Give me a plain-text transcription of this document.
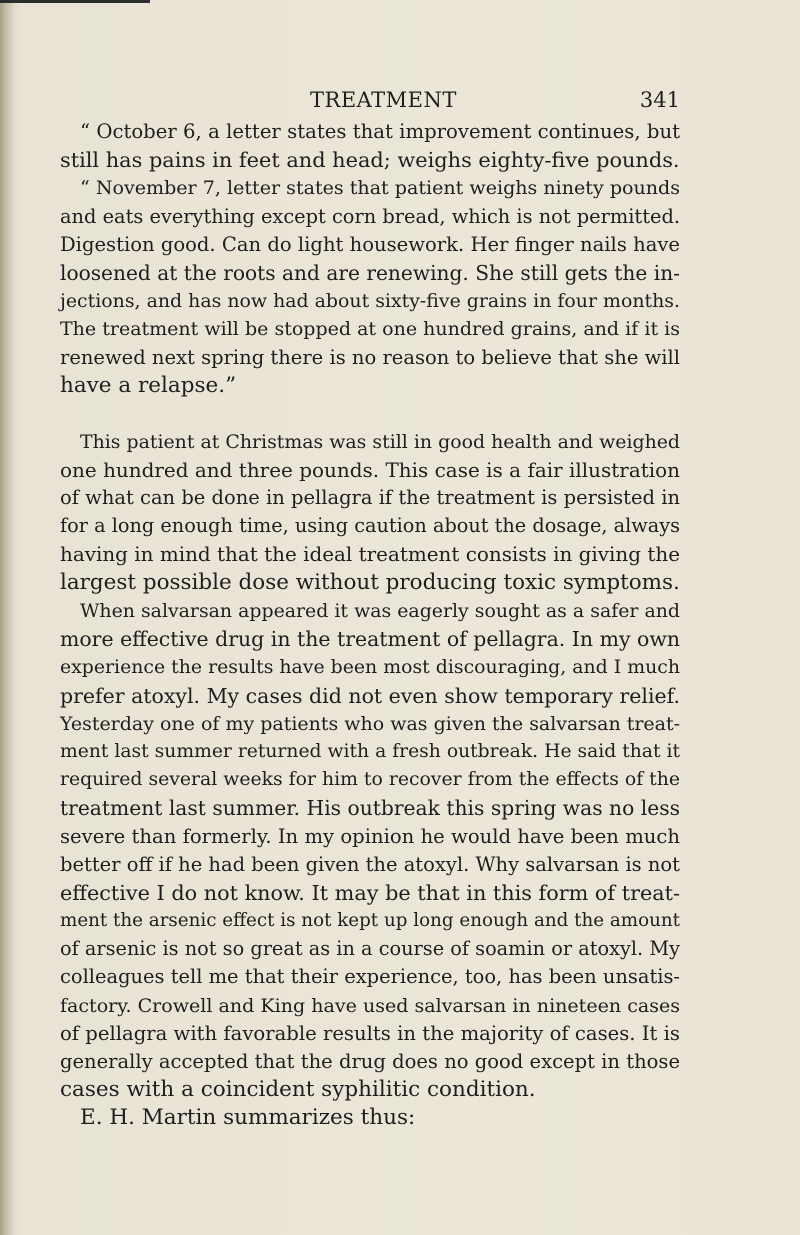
TREATMENT	341
“ October 6, a letter states that improvement continues, but
still has pains in feet and head; weighs eighty-five pounds.
“ November 7, letter states that patient weighs ninety pounds
and eats everything except corn bread, which is not permitted.
Digestion good. Can do light housework. Her finger nails have
loosened at the roots and are renewing. She still gets the in-
jections, and has now had about sixty-five grains in four months.
The treatment will be stopped at one hundred grains, and if it is
renewed next spring there is no reason to believe that she will
have a relapse.”
This patient at Christmas was still in good health and weighed
one hundred and three pounds. This case is a fair illustration
of what can be done in pellagra if the treatment is persisted in
for a long enough time, using caution about the dosage, always
having in mind that the ideal treatment consists in giving the
largest possible dose without producing toxic symptoms.
When salvarsan appeared it was eagerly sought as a safer and
more effective drug in the treatment of pellagra. In my own
experience the results have been most discouraging, and I much
prefer atoxyl. My cases did not even show temporary relief.
Yesterday one of my patients who was given the salvarsan treat-
ment last summer returned with a fresh outbreak. He said that it
required several weeks for him to recover from the effects of the
treatment last summer. His outbreak this spring was no less
severe than formerly. In my opinion he would have been much
better off if he had been given the atoxyl. Why salvarsan is not
effective I do not know. It may be that in this form of treat-
ment the arsenic effect is not kept up long enough and the amount
of arsenic is not so great as in a course of soamin or atoxyl. My
colleagues tell me that their experience, too, has been unsatis-
factory. Crowell and King have used salvarsan in nineteen cases
of pellagra with favorable results in the majority of cases. It is
generally accepted that the drug does no good except in those
cases with a coincident syphilitic condition.
E. H. Martin summarizes thus:
